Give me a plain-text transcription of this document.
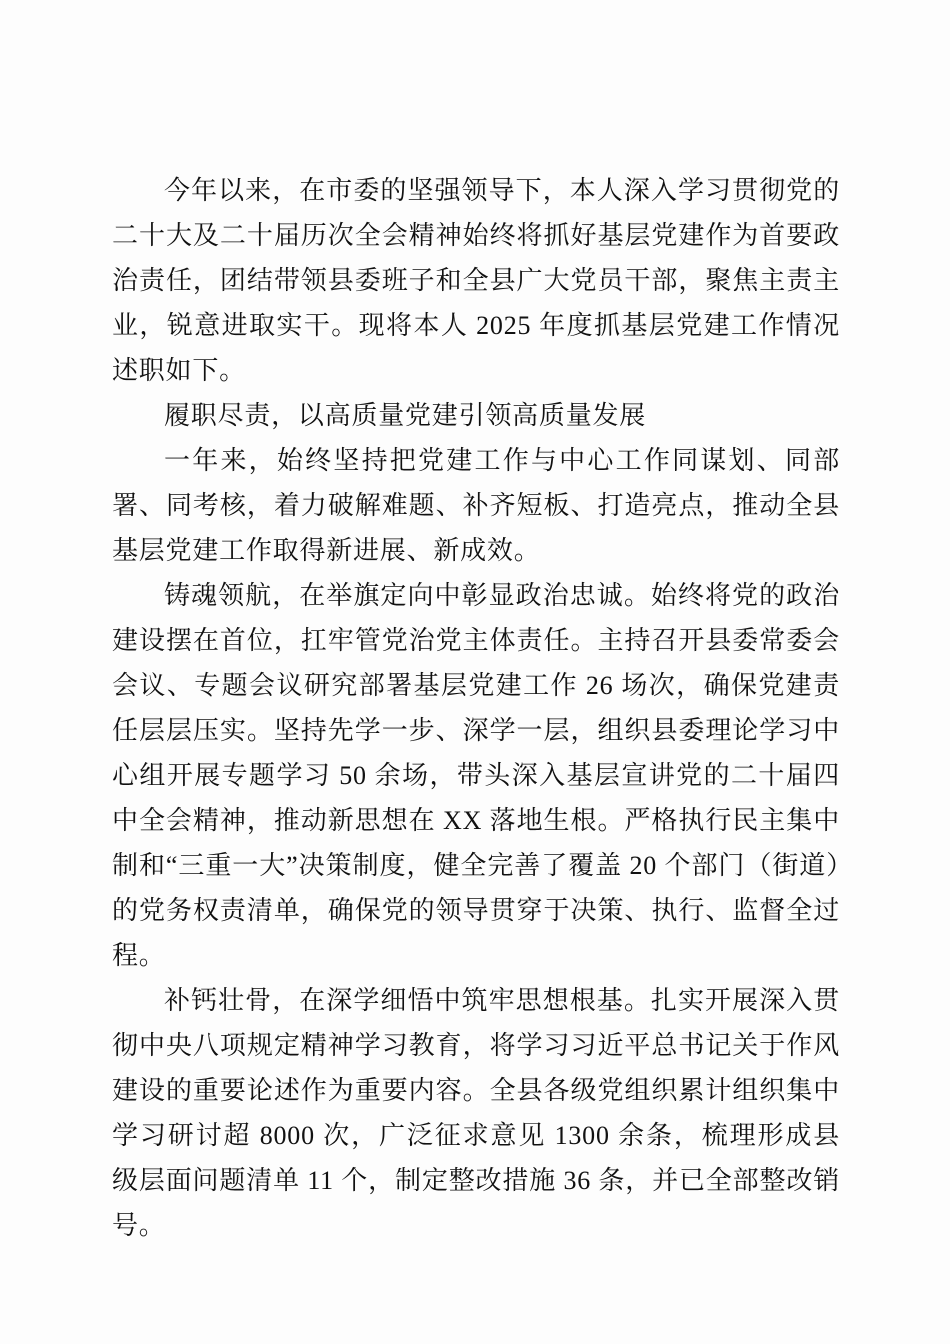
今年以来，在市委的坚强领导下，本人深入学习贯彻党的二十大及二十届历次全会精神始终将抓好基层党建作为首要政治责任，团结带领县委班子和全县广大党员干部，聚焦主责主业，锐意进取实干。现将本人 2025 年度抓基层党建工作情况述职如下。

履职尽责，以高质量党建引领高质量发展

一年来，始终坚持把党建工作与中心工作同谋划、同部署、同考核，着力破解难题、补齐短板、打造亮点，推动全县基层党建工作取得新进展、新成效。

铸魂领航，在举旗定向中彰显政治忠诚。始终将党的政治建设摆在首位，扛牢管党治党主体责任。主持召开县委常委会会议、专题会议研究部署基层党建工作 26 场次，确保党建责任层层压实。坚持先学一步、深学一层，组织县委理论学习中心组开展专题学习 50 余场，带头深入基层宣讲党的二十届四中全会精神，推动新思想在 XX 落地生根。严格执行民主集中制和“三重一大”决策制度，健全完善了覆盖 20 个部门（街道）的党务权责清单，确保党的领导贯穿于决策、执行、监督全过程。

补钙壮骨，在深学细悟中筑牢思想根基。扎实开展深入贯彻中央八项规定精神学习教育，将学习习近平总书记关于作风建设的重要论述作为重要内容。全县各级党组织累计组织集中学习研讨超 8000 次，广泛征求意见 1300 余条，梳理形成县级层面问题清单 11 个，制定整改措施 36 条，并已全部整改销号。
